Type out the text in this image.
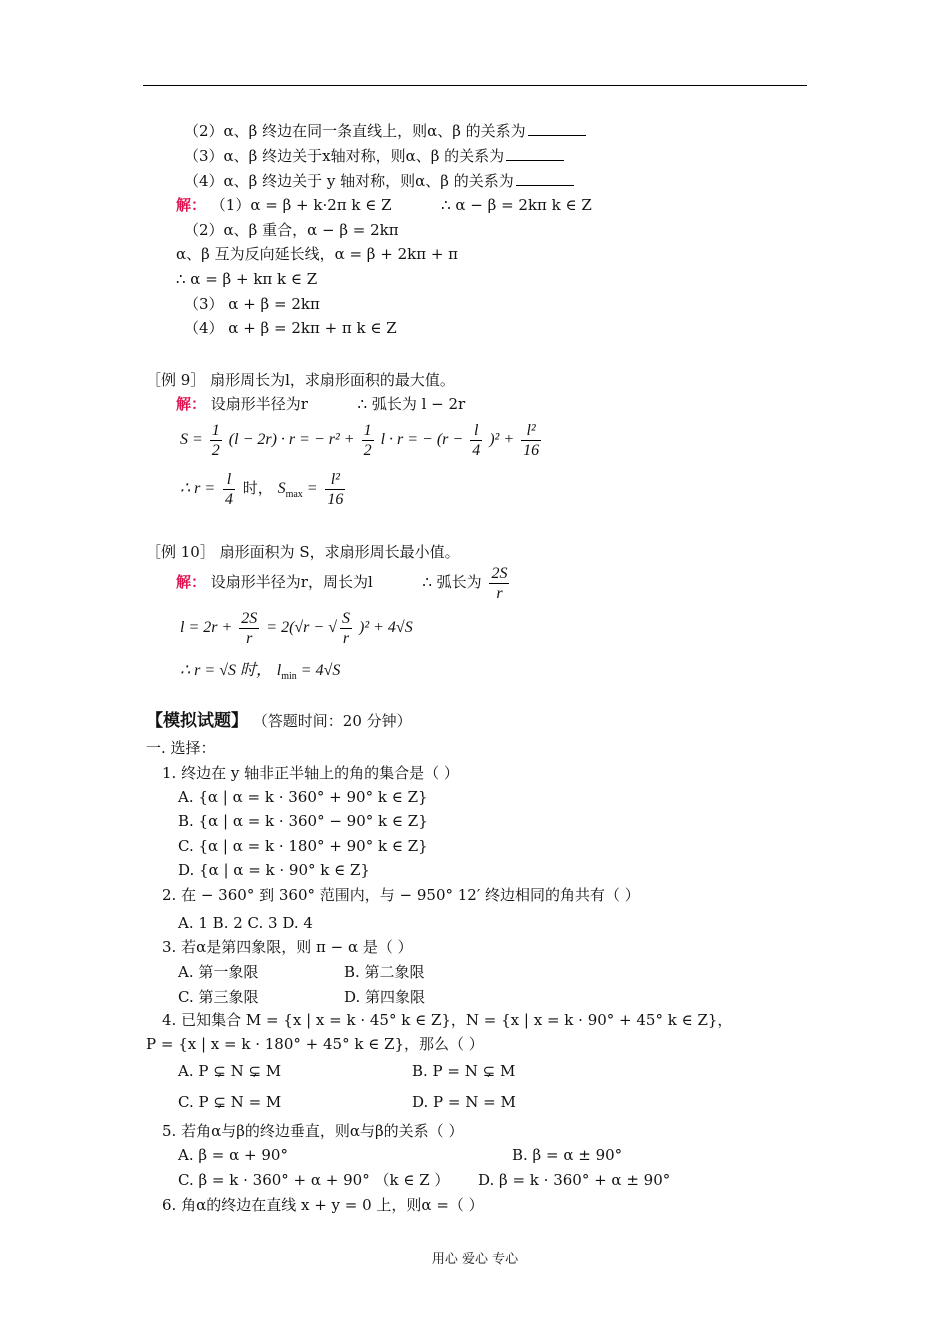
（2）α、β 终边在同一条直线上，则α、β 的关系为
（3）α、β 终边关于x轴对称，则α、β 的关系为
（4）α、β 终边关于 y 轴对称，则α、β 的关系为
解： （1）α = β + k·2π k ∈ Z	∴ α − β = 2kπ k ∈ Z
（2）α、β 重合，α − β = 2kπ
α、β 互为反向延长线，α = β + 2kπ + π
∴ α = β + kπ k ∈ Z
（3） α + β = 2kπ
（4） α + β = 2kπ + π k ∈ Z
［例 9］ 扇形周长为l，求扇形面积的最大值。
解： 设扇形半径为r	∴ 弧长为 l − 2r
$S = \frac{1}{2} (l - 2r) \cdot r$ = − $r^2 + \frac{1}{2}$ l · r = − $(r - \frac{l}{4} )^2 + \frac{\text{l²}}{16}$
∴ $r = \frac{l}{4}$ 时， $S_{max} = \frac{\text{l²}}{16}$
［例 10］ 扇形面积为 S，求扇形周长最小值。
解： 设扇形半径为r，周长为l	∴ 弧长为 $\frac{2S}{r}$
$l = 2r + \frac{2S}{r} = 2(√r$ − √ $\frac{S}{r} )^2 + 4√S$
∴ r = √S 时， $l_{min} = 4√S$
【模拟试题】 （答题时间：20 分钟）
一. 选择：
1. 终边在 y 轴非正半轴上的角的集合是（ ）
A. {α | α = k · 360° + 90° k ∈ Z}
B. {α | α = k · 360° − 90° k ∈ Z}
C. {α | α = k · 180° + 90° k ∈ Z}
D. {α | α = k · 90° k ∈ Z}
2. 在 − 360° 到 360° 范围内，与 − 950° 12′ 终边相同的角共有（ ）
A. 1 B. 2 C. 3 D. 4
3. 若α是第四象限，则 π − α 是（ ）
A. 第一象限	B. 第二象限
C. 第三象限	D. 第四象限
4. 已知集合 M = {x | x = k · 45° k ∈ Z}，N = {x | x = k · 90° + 45° k ∈ Z}，
P = {x | x = k · 180° + 45° k ∈ Z}，那么（ ）
A. P ⊊ N ⊊ M	B. P = N ⊊ M
C. P ⊊ N = M	D. P = N = M
5. 若角α与β的终边垂直，则α与β的关系（ ）
A. β = α + 90°	B. β = α ± 90°
C. β = k · 360° + α + 90° （k ∈ Z ） D. β = k · 360° + α ± 90°
6. 角α的终边在直线 x + y = 0 上，则α =（ ）
用心 爱心 专心
